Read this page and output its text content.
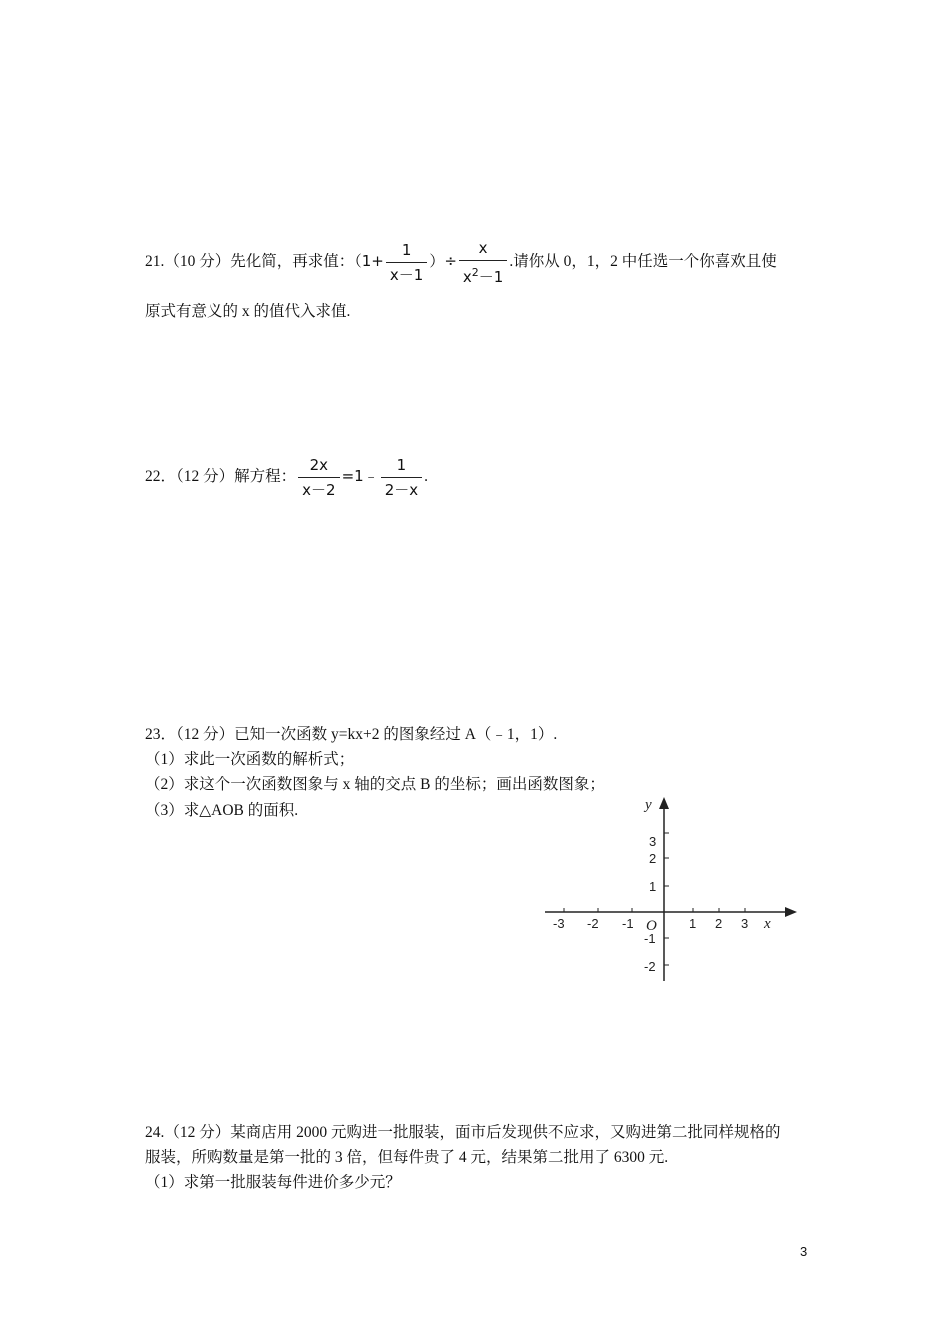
21.（10 分）先化简，再求值：（$1+ \frac{1}{x-1}$ ）÷ $\frac{x}{x^2-1}$ .请你从 0，1，2 中任选一个你喜欢且使
原式有意义的 x 的值代入求值.
22．（12 分）解方程： $\frac{2x}{x-2}$ =1﹣ $\frac{1}{2-x}$ .
23．（12 分）已知一次函数 y=kx+2 的图象经过 A（﹣1，1）.
（1）求此一次函数的解析式；
（2）求这个一次函数图象与 x 轴的交点 B 的坐标；画出函数图象；
（3）求△AOB 的面积.
-3 -2 -1	1 2 3 x
O
3
2
1
-1
-2
y
24.（12 分）某商店用 2000 元购进一批服装，面市后发现供不应求，又购进第二批同样规格的
服装，所购数量是第一批的 3 倍，但每件贵了 4 元，结果第二批用了 6300 元.
（1）求第一批服装每件进价多少元？
3
